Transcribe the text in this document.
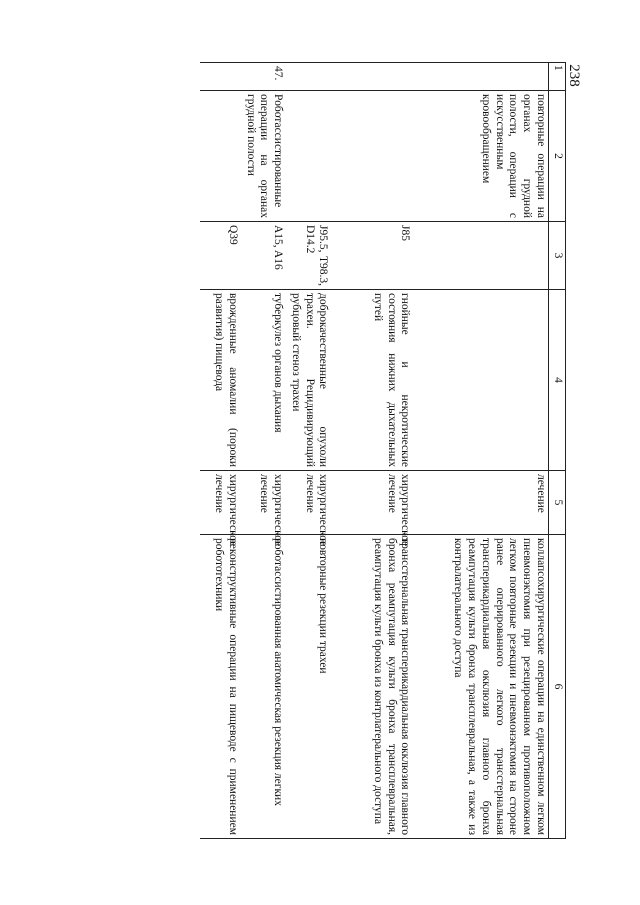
238
1	2	3	4	5	6
	повторные операции на органах грудной полости, операции с искусственным кровообращением			лечение	коллапсохирургические операции на единственном легком пневмонэктомия при резецированном противоположном легком повторные резекции и пневмонэктомия на стороне ранее оперированного легкого трансстернальная трансперикардиальная окклюзия главного бронха реампутация культи бронха трансплевральная, а также из контралатерального доступа
		J85	гнойные и некротические состояния нижних дыхательных путей	хирургическое лечение	трансстернальная трансперикардиальная окклюзия главного бронха реампутация культи бронха трансплевральная, реампутация культи бронха из контрлатерального доступа
		J95.5, T98.3, D14.2	доброкачественные опухоли трахеи. Рецидивирующий рубцовый стеноз трахеи	хирургическое лечение	повторные резекции трахеи
47.	Роботассистированные операции на органах грудной полости	A15, A16	туберкулез органов дыхания	хирургическое лечение	роботассистированная анатомическая резекция легких
		Q39	врожденные аномалии (пороки развития) пищевода	хирургическое лечение	реконструктивные операции на пищеводе с применением робототехники
